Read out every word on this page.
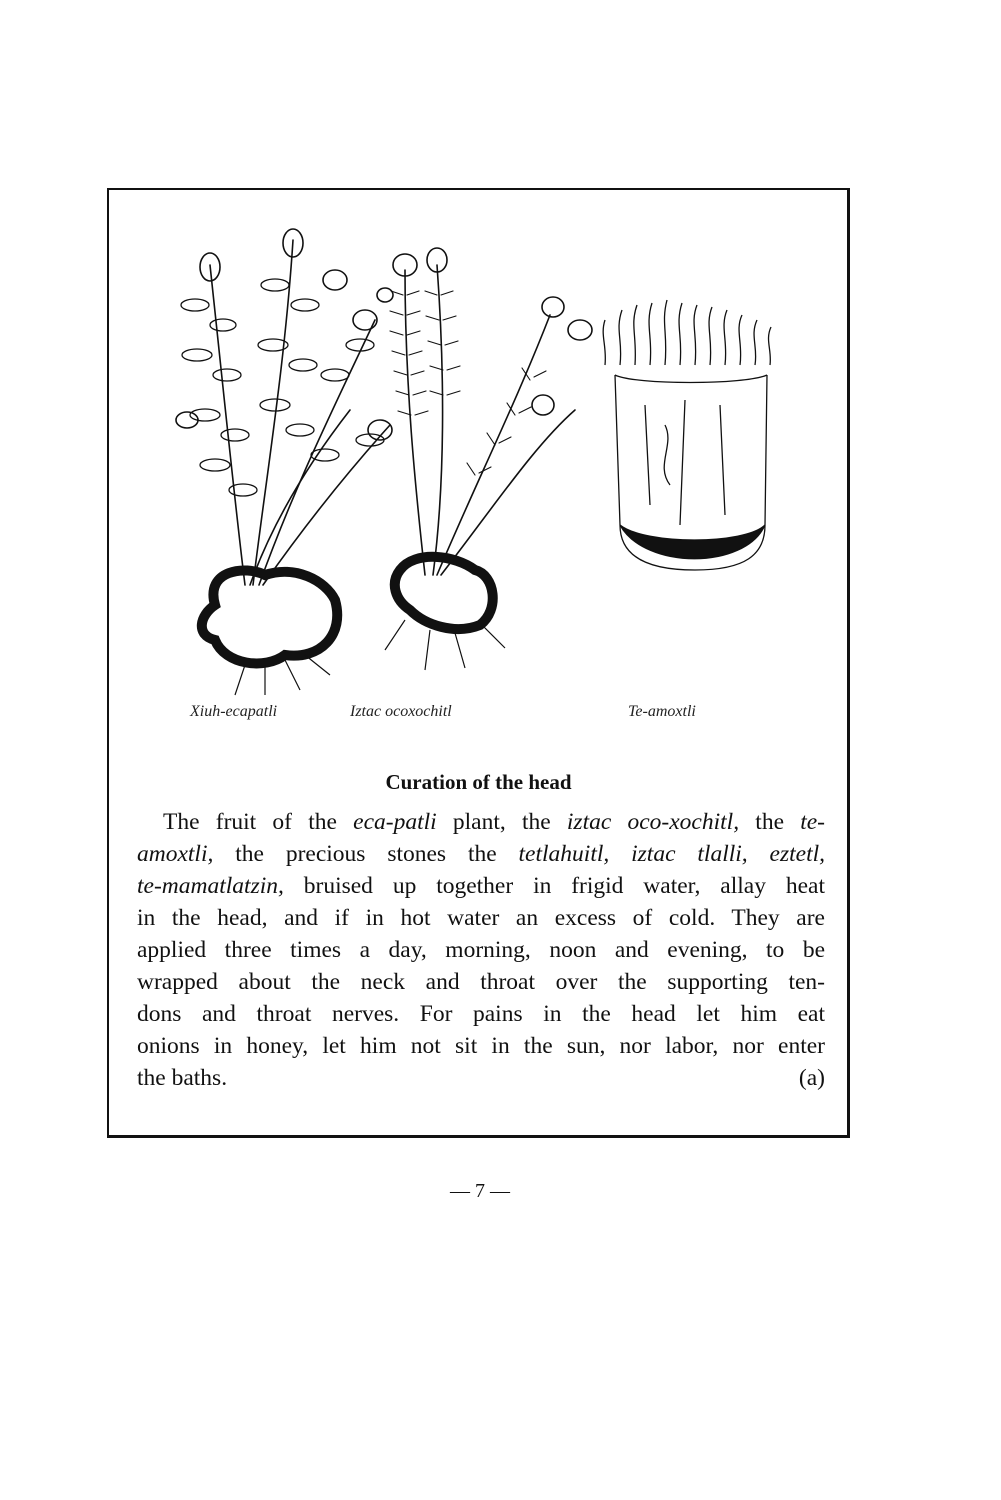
Xiuh-ecapatli	Iztac ocoxochitl	Te-amoxtli
Curation of the head
The fruit of the eca-patli plant, the iztac oco-xochitl, the te-
amoxtli, the precious stones the tetlahuitl, iztac tlalli, eztetl,
te-mamatlatzin, bruised up together in frigid water, allay heat
in the head, and if in hot water an excess of cold. They are
applied three times a day, morning, noon and evening, to be
wrapped about the neck and throat over the supporting ten-
dons and throat nerves. For pains in the head let him eat
onions in honey, let him not sit in the sun, nor labor, nor enter
the baths.	(a)
— 7 —
